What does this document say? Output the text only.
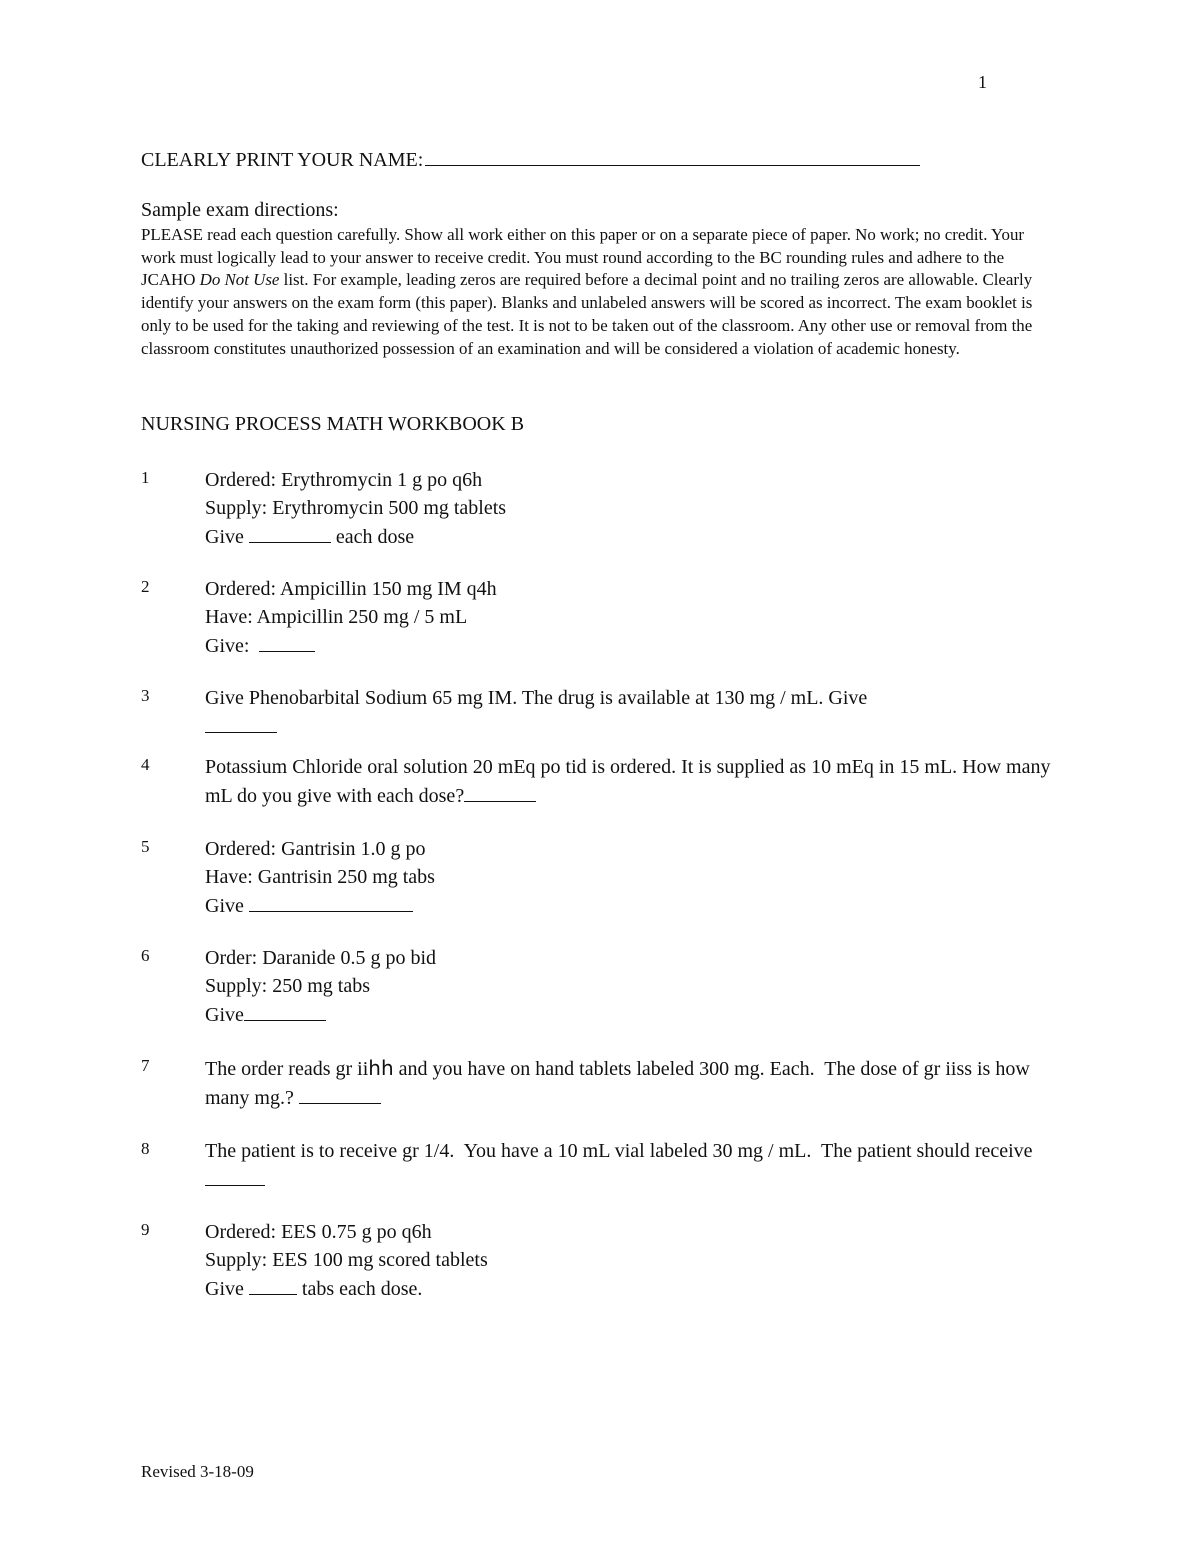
1
CLEARLY PRINT YOUR NAME:
Sample exam directions:

PLEASE read each question carefully. Show all work either on this paper or on a separate piece of paper. No work; no credit. Your work must logically lead to your answer to receive credit. You must round according to the BC rounding rules and adhere to the JCAHO Do Not Use list. For example, leading zeros are required before a decimal point and no trailing zeros are allowable. Clearly identify your answers on the exam form (this paper). Blanks and unlabeled answers will be scored as incorrect. The exam booklet is only to be used for the taking and reviewing of the test. It is not to be taken out of the classroom. Any other use or removal from the classroom constitutes unauthorized possession of an examination and will be considered a violation of academic honesty.

NURSING PROCESS MATH WORKBOOK B
1	Ordered: Erythromycin 1 g po q6h
Supply: Erythromycin 500 mg tablets
Give	each dose
2	Ordered: Ampicillin 150 mg IM q4h
Have: Ampicillin 250 mg / 5 mL
Give:
3	Give Phenobarbital Sodium 65 mg IM. The drug is available at 130 mg / mL. Give
4	Potassium Chloride oral solution 20 mEq po tid is ordered. It is supplied as 10 mEq in 15 mL. How many mL do you give with each dose?
5	Ordered: Gantrisin 1.0 g po
Have: Gantrisin 250 mg tabs
Give
6	Order: Daranide 0.5 g po bid
Supply: 250 mg tabs
Give
7	The order reads gr iihh and you have on hand tablets labeled 300 mg. Each.  The dose of gr iiss is how many mg.?
8	The patient is to receive gr 1/4.  You have a 10 mL vial labeled 30 mg / mL.  The patient should receive
9	Ordered: EES 0.75 g po q6h
Supply: EES 100 mg scored tablets
Give  tabs each dose.
Revised 3-18-09
